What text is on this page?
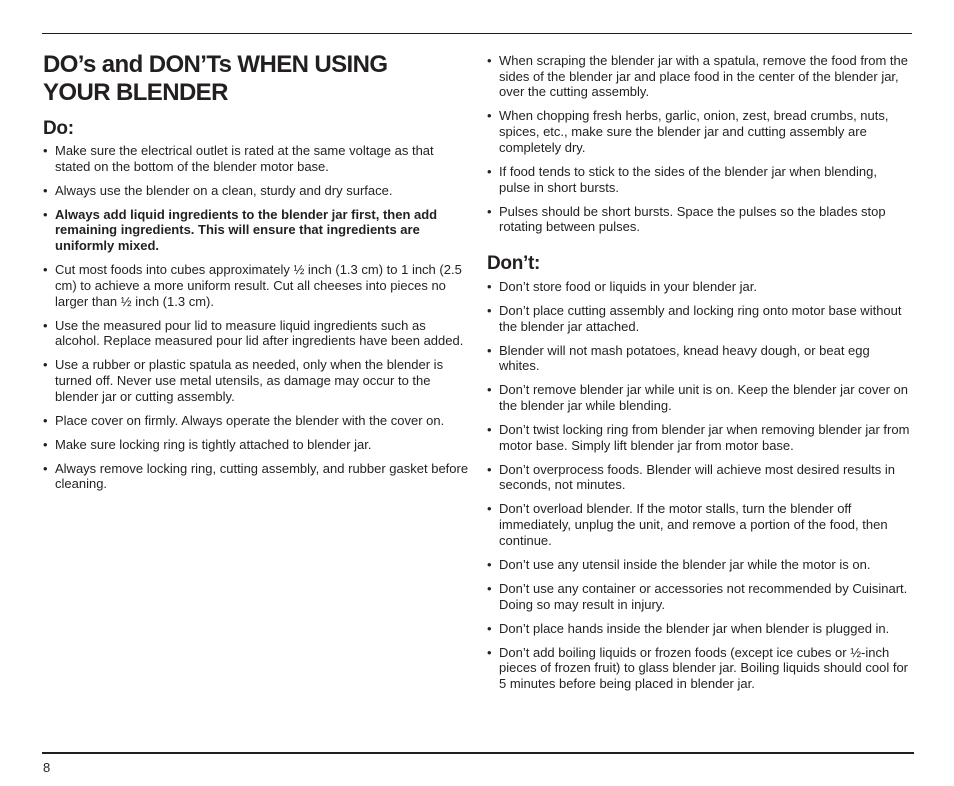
DO’s and DON’Ts WHEN USING
YOUR BLENDER
Do:
• Make sure the electrical outlet is rated at the same voltage as that stated on the bottom of the blender motor base.
• Always use the blender on a clean, sturdy and dry surface.
• Always add liquid ingredients to the blender jar first, then add remaining ingredients. This will ensure that ingredients are uniformly mixed.
• Cut most foods into cubes approximately ½ inch (1.3 cm) to 1 inch (2.5 cm) to achieve a more uniform result. Cut all cheeses into pieces no larger than ½ inch (1.3 cm).
• Use the measured pour lid to measure liquid ingredients such as alcohol. Replace measured pour lid after ingredients have been added.
• Use a rubber or plastic spatula as needed, only when the blender is turned off. Never use metal utensils, as damage may occur to the blender jar or cutting assembly.
• Place cover on firmly. Always operate the blender with the cover on.
• Make sure locking ring is tightly attached to blender jar.
• Always remove locking ring, cutting assembly, and rubber gasket before cleaning.
• When scraping the blender jar with a spatula, remove the food from the sides of the blender jar and place food in the center of the blender jar, over the cutting assembly.
• When chopping fresh herbs, garlic, onion, zest, bread crumbs, nuts, spices, etc., make sure the blender jar and cutting assembly are completely dry.
• If food tends to stick to the sides of the blender jar when blending, pulse in short bursts.
• Pulses should be short bursts. Space the pulses so the blades stop rotating between pulses.
Don’t:
• Don’t store food or liquids in your blender jar.
• Don’t place cutting assembly and locking ring onto motor base without the blender jar attached.
• Blender will not mash potatoes, knead heavy dough, or beat egg whites.
• Don’t remove blender jar while unit is on. Keep the blender jar cover on the blender jar while blending.
• Don’t twist locking ring from blender jar when removing blender jar from motor base. Simply lift blender jar from motor base.
• Don’t overprocess foods. Blender will achieve most desired results in seconds, not minutes.
• Don’t overload blender. If the motor stalls, turn the blender off immediately, unplug the unit, and remove a portion of the food, then continue.
• Don’t use any utensil inside the blender jar while the motor is on.
• Don’t use any container or accessories not recommended by Cuisinart. Doing so may result in injury.
• Don’t place hands inside the blender jar when blender is plugged in.
• Don’t add boiling liquids or frozen foods (except ice cubes or ½-inch pieces of frozen fruit) to glass blender jar. Boiling liquids should cool for 5 minutes before being placed in blender jar.
8
